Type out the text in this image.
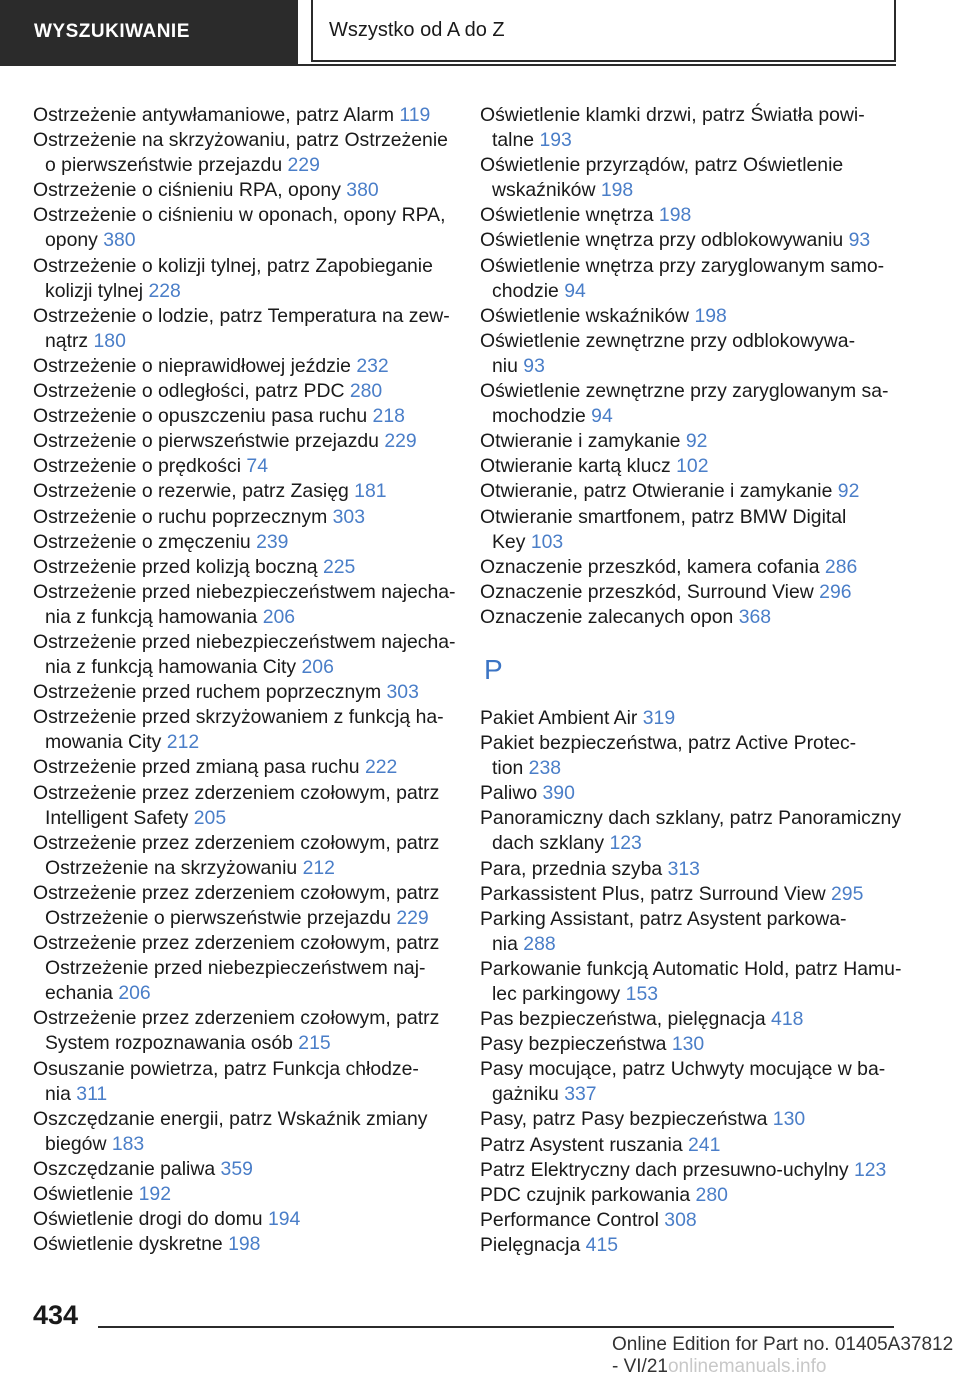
WYSZUKIWANIE	Wszystko od A do Z
Ostrzeżenie antywłamaniowe, patrz Alarm 119
Ostrzeżenie na skrzyżowaniu, patrz Ostrzeżenie
o pierwszeństwie przejazdu 229
Ostrzeżenie o ciśnieniu RPA, opony 380
Ostrzeżenie o ciśnieniu w oponach, opony RPA,
opony 380
Ostrzeżenie o kolizji tylnej, patrz Zapobieganie
kolizji tylnej 228
Ostrzeżenie o lodzie, patrz Temperatura na zew-
nątrz 180
Ostrzeżenie o nieprawidłowej jeździe 232
Ostrzeżenie o odległości, patrz PDC 280
Ostrzeżenie o opuszczeniu pasa ruchu 218
Ostrzeżenie o pierwszeństwie przejazdu 229
Ostrzeżenie o prędkości 74
Ostrzeżenie o rezerwie, patrz Zasięg 181
Ostrzeżenie o ruchu poprzecznym 303
Ostrzeżenie o zmęczeniu 239
Ostrzeżenie przed kolizją boczną 225
Ostrzeżenie przed niebezpieczeństwem najecha-
nia z funkcją hamowania 206
Ostrzeżenie przed niebezpieczeństwem najecha-
nia z funkcją hamowania City 206
Ostrzeżenie przed ruchem poprzecznym 303
Ostrzeżenie przed skrzyżowaniem z funkcją ha-
mowania City 212
Ostrzeżenie przed zmianą pasa ruchu 222
Ostrzeżenie przez zderzeniem czołowym, patrz
Intelligent Safety 205
Ostrzeżenie przez zderzeniem czołowym, patrz
Ostrzeżenie na skrzyżowaniu 212
Ostrzeżenie przez zderzeniem czołowym, patrz
Ostrzeżenie o pierwszeństwie przejazdu 229
Ostrzeżenie przez zderzeniem czołowym, patrz
Ostrzeżenie przed niebezpieczeństwem naj-
echania 206
Ostrzeżenie przez zderzeniem czołowym, patrz
System rozpoznawania osób 215
Osuszanie powietrza, patrz Funkcja chłodze-
nia 311
Oszczędzanie energii, patrz Wskaźnik zmiany
biegów 183
Oszczędzanie paliwa 359
Oświetlenie 192
Oświetlenie drogi do domu 194
Oświetlenie dyskretne 198
Oświetlenie klamki drzwi, patrz Światła powi-
talne 193
Oświetlenie przyrządów, patrz Oświetlenie
wskaźników 198
Oświetlenie wnętrza 198
Oświetlenie wnętrza przy odblokowywaniu 93
Oświetlenie wnętrza przy zaryglowanym samo-
chodzie 94
Oświetlenie wskaźników 198
Oświetlenie zewnętrzne przy odblokowywa-
niu 93
Oświetlenie zewnętrzne przy zaryglowanym sa-
mochodzie 94
Otwieranie i zamykanie 92
Otwieranie kartą klucz 102
Otwieranie, patrz Otwieranie i zamykanie 92
Otwieranie smartfonem, patrz BMW Digital
Key 103
Oznaczenie przeszkód, kamera cofania 286
Oznaczenie przeszkód, Surround View 296
Oznaczenie zalecanych opon 368
P
Pakiet Ambient Air 319
Pakiet bezpieczeństwa, patrz Active Protec-
tion 238
Paliwo 390
Panoramiczny dach szklany, patrz Panoramiczny
dach szklany 123
Para, przednia szyba 313
Parkassistent Plus, patrz Surround View 295
Parking Assistant, patrz Asystent parkowa-
nia 288
Parkowanie funkcją Automatic Hold, patrz Hamu-
lec parkingowy 153
Pas bezpieczeństwa, pielęgnacja 418
Pasy bezpieczeństwa 130
Pasy mocujące, patrz Uchwyty mocujące w ba-
gażniku 337
Pasy, patrz Pasy bezpieczeństwa 130
Patrz Asystent ruszania 241
Patrz Elektryczny dach przesuwno-uchylny 123
PDC czujnik parkowania 280
Performance Control 308
Pielęgnacja 415
434
Online Edition for Part no. 01405A37812 - VI/21onlinemanuals.info
